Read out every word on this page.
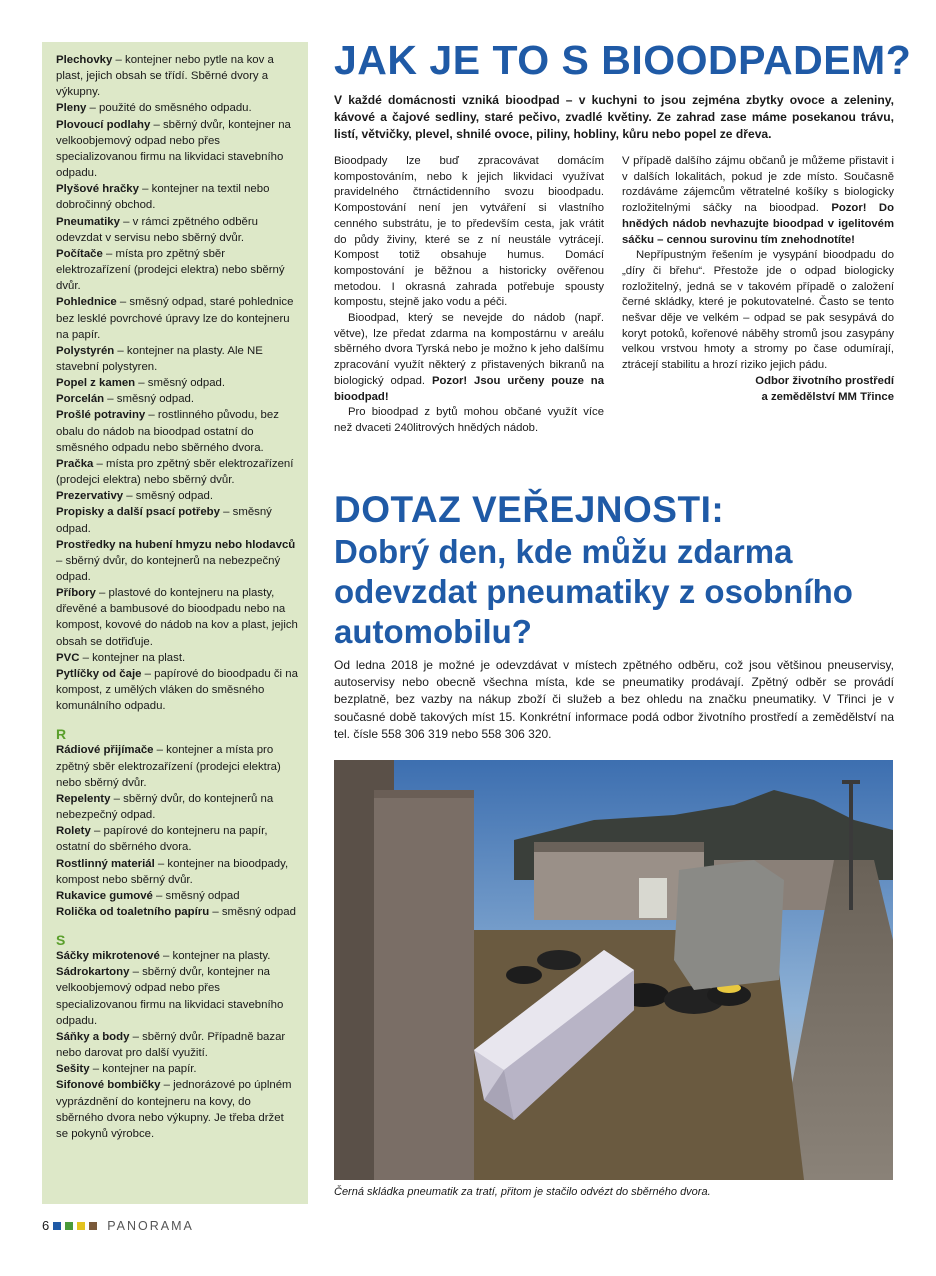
Plechovky – kontejner nebo pytle na kov a plast, jejich obsah se třídí. Sběrné dvory a výkupny.

Pleny – použité do směsného odpadu.

Plovoucí podlahy – sběrný dvůr, kontejner na velkoobjemový odpad nebo přes specializovanou firmu na likvidaci stavebního odpadu.

Plyšové hračky – kontejner na textil nebo dobročinný obchod.

Pneumatiky – v rámci zpětného odběru odevzdat v servisu nebo sběrný dvůr.

Počítače – místa pro zpětný sběr elektrozařízení (prodejci elektra) nebo sběrný dvůr.

Pohlednice – směsný odpad, staré pohlednice bez lesklé povrchové úpravy lze do kontejneru na papír.

Polystyrén – kontejner na plasty. Ale NE stavební polystyren.

Popel z kamen – směsný odpad.

Porcelán – směsný odpad.

Prošlé potraviny – rostlinného původu, bez obalu do nádob na bioodpad ostatní do směsného odpadu nebo sběrného dvora.

Pračka – místa pro zpětný sběr elektrozařízení (prodejci elektra) nebo sběrný dvůr.

Prezervativy – směsný odpad.

Propisky a další psací potřeby – směsný odpad.

Prostředky na hubení hmyzu nebo hlodavců – sběrný dvůr, do kontejnerů na nebezpečný odpad.

Příbory – plastové do kontejneru na plasty, dřevěné a bambusové do bioodpadu nebo na kompost, kovové do nádob na kov a plast, jejich obsah se dotřiďuje.

PVC – kontejner na plast.

Pytlíčky od čaje – papírové do bioodpadu či na kompost, z umělých vláken do směsného komunálního odpadu.

R

Rádiové přijímače – kontejner a místa pro zpětný sběr elektrozařízení (prodejci elektra) nebo sběrný dvůr.

Repelenty – sběrný dvůr, do kontejnerů na nebezpečný odpad.

Rolety – papírové do kontejneru na papír, ostatní do sběrného dvora.

Rostlinný materiál – kontejner na bioodpady, kompost nebo sběrný dvůr.

Rukavice gumové – směsný odpad

Rolička od toaletního papíru – směsný odpad

S

Sáčky mikrotenové – kontejner na plasty.

Sádrokartony – sběrný dvůr, kontejner na velkoobjemový odpad nebo přes specializovanou firmu na likvidaci stavebního odpadu.

Sáňky a body – sběrný dvůr. Případně bazar nebo darovat pro další využití.

Sešity – kontejner na papír.

Sifonové bombičky – jednorázové po úplném vyprázdnění do kontejneru na kovy, do sběrného dvora nebo výkupny. Je třeba držet se pokynů výrobce.

JAK JE TO S BIOODPADEM?
V každé domácnosti vzniká bioodpad – v kuchyni to jsou zejména zbytky ovoce a zeleniny, kávové a čajové sedliny, staré pečivo, zvadlé květiny. Ze zahrad zase máme posekanou trávu, listí, větvičky, plevel, shnilé ovoce, piliny, hobliny, kůru nebo popel ze dřeva.

Bioodpady lze buď zpracovávat domácím kompostováním, nebo k jejich likvidaci využívat pravidelného čtrnáctidenního svozu bioodpadu. Kompostování není jen vytváření si vlastního cenného substrátu, je to především cesta, jak vrátit do půdy živiny, které se z ní neustále vytrácejí. Kompost totiž obsahuje humus. Domácí kompostování je běžnou a historicky ověřenou metodou. I okrasná zahrada potřebuje spousty kompostu, stejně jako vodu a péči.

Bioodpad, který se nevejde do nádob (např. větve), lze předat zdarma na kompostárnu v areálu sběrného dvora Tyrská nebo je možno k jeho dalšímu zpracování využít některý z přistavených bikranů na biologický odpad. Pozor! Jsou určeny pouze na bioodpad!

Pro bioodpad z bytů mohou občané využít více než dvaceti 240litrových hnědých nádob.

V případě dalšího zájmu občanů je můžeme přistavit i v dalších lokalitách, pokud je zde místo. Současně rozdáváme zájemcům větratelné košíky s biologicky rozložitelnými sáčky na bioodpad. Pozor! Do hnědých nádob nevhazujte bioodpad v igelitovém sáčku – cennou surovinu tím znehodnotíte!

Nepřípustným řešením je vysypání bioodpadu do „díry či břehu“. Přestože jde o odpad biologicky rozložitelný, jedná se v takovém případě o založení černé skládky, které je pokutovatelné. Často se tento nešvar děje ve velkém – odpad se pak sesypává do koryt potoků, kořenové náběhy stromů jsou zasypány velkou vrstvou hmoty a stromy po čase odumírají, ztrácejí stabilitu a hrozí riziko jejich pádu.

Odbor životního prostředí

a zemědělství MM Třince

DOTAZ VEŘEJNOSTI:
Dobrý den, kde můžu zdarma odevzdat pneumatiky z osobního automobilu?
Od ledna 2018 je možné je odevzdávat v místech zpětného odběru, což jsou většinou pneuservisy, autoservisy nebo obecně všechna místa, kde se pneumatiky prodávají. Zpětný odběr se provádí bezplatně, bez vazby na nákup zboží či služeb a bez ohledu na značku pneumatiky. V Třinci je v současné době takových míst 15. Konkrétní informace podá odbor životního prostředí a zemědělství na tel. čísle 558 306 319 nebo 558 306 320.
Černá skládka pneumatik za tratí, přitom je stačilo odvézt do sběrného dvora.
6	PANORAMA
